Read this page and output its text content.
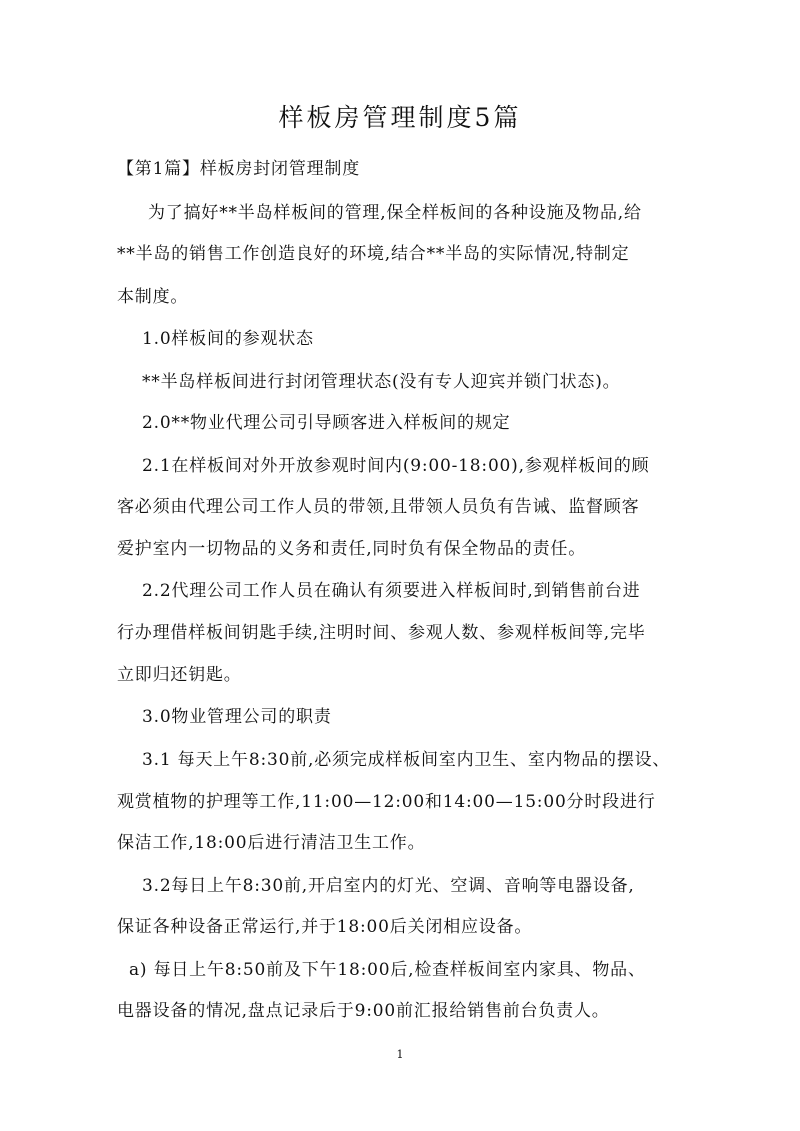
样板房管理制度5篇
【第1篇】样板房封闭管理制度
为了搞好**半岛样板间的管理,保全样板间的各种设施及物品,给
**半岛的销售工作创造良好的环境,结合**半岛的实际情况,特制定
本制度。
1.0样板间的参观状态
**半岛样板间进行封闭管理状态(没有专人迎宾并锁门状态)。
2.0**物业代理公司引导顾客进入样板间的规定
2.1在样板间对外开放参观时间内(9:00-18:00),参观样板间的顾
客必须由代理公司工作人员的带领,且带领人员负有告诫、监督顾客
爱护室内一切物品的义务和责任,同时负有保全物品的责任。
2.2代理公司工作人员在确认有须要进入样板间时,到销售前台进
行办理借样板间钥匙手续,注明时间、参观人数、参观样板间等,完毕
立即归还钥匙。
3.0物业管理公司的职责
3.1 每天上午8:30前,必须完成样板间室内卫生、室内物品的摆设、
观赏植物的护理等工作,11:00—12:00和14:00—15:00分时段进行
保洁工作,18:00后进行清洁卫生工作。
3.2每日上午8:30前,开启室内的灯光、空调、音响等电器设备,
保证各种设备正常运行,并于18:00后关闭相应设备。
a) 每日上午8:50前及下午18:00后,检查样板间室内家具、物品、
电器设备的情况,盘点记录后于9:00前汇报给销售前台负责人。
1
